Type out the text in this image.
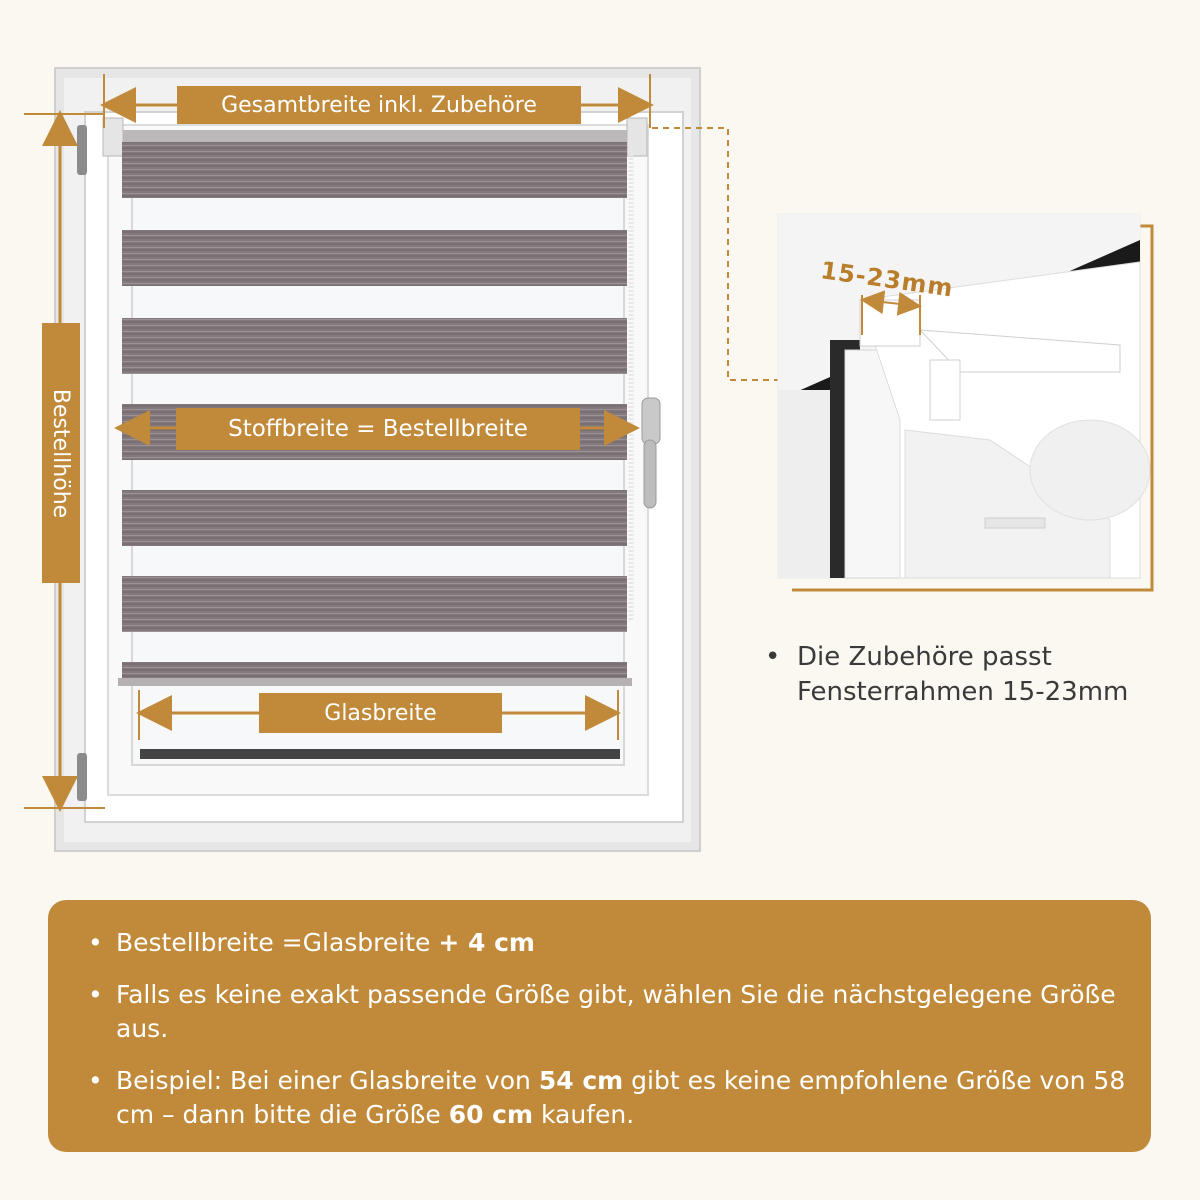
Gesamtbreite inkl. Zubehöre
Stoffbreite = Bestellbreite
Glasbreite
Bestellhöhe
15-23mm
• Die Zubehöre passt
Fensterrahmen 15-23mm
• Bestellbreite =Glasbreite + 4 cm
• Falls es keine exakt passende Größe gibt, wählen Sie die nächstgelegene Größe aus.
• Beispiel: Bei einer Glasbreite von 54 cm gibt es keine empfohlene Größe von 58 cm – dann bitte die Größe 60 cm kaufen.
